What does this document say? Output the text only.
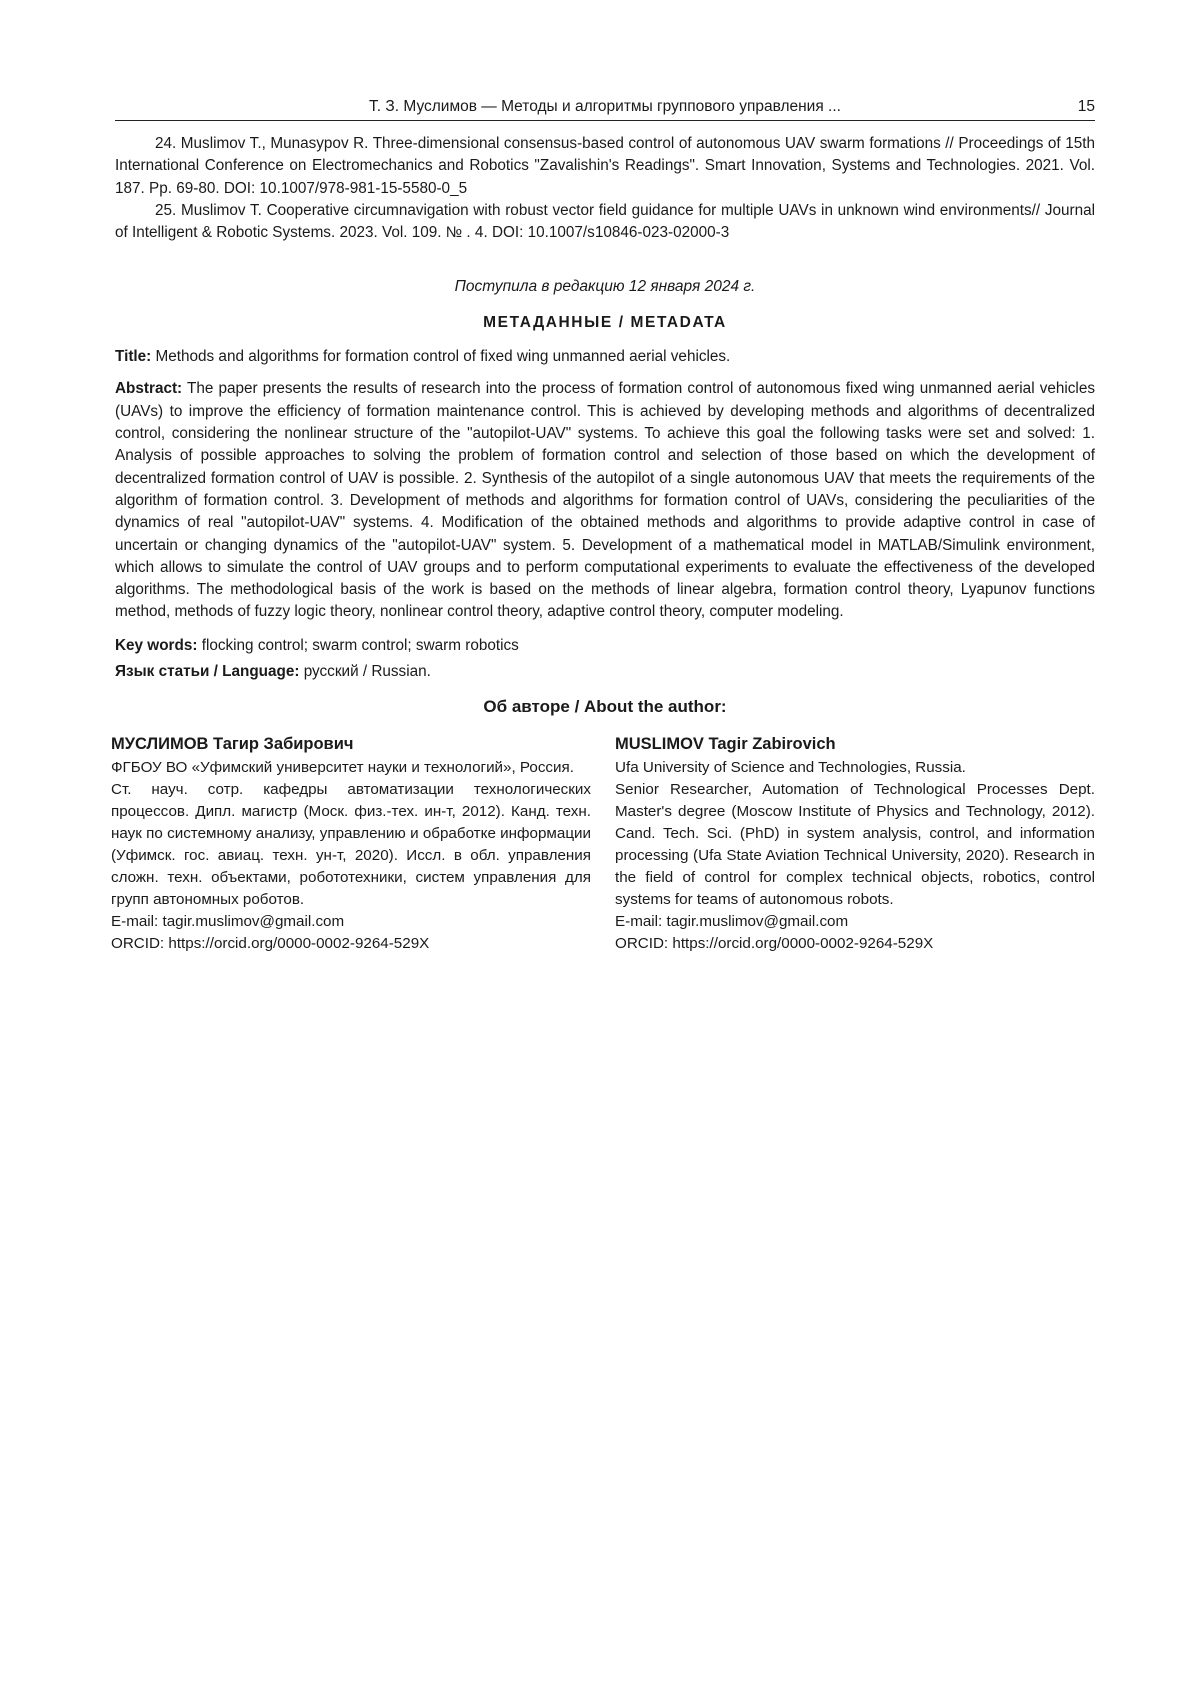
Т. З. Муслимов — Методы и алгоритмы группового управления ...	15

24. Muslimov T., Munasypov R. Three-dimensional consensus-based control of autonomous UAV swarm formations // Proceedings of 15th International Conference on Electromechanics and Robotics "Zavalishin's Readings". Smart Innovation, Systems and Technologies. 2021. Vol. 187. Pp. 69-80. DOI: 10.1007/978-981-15-5580-0_5

25. Muslimov T. Cooperative circumnavigation with robust vector field guidance for multiple UAVs in unknown wind environments// Journal of Intelligent & Robotic Systems. 2023. Vol. 109. № . 4. DOI: 10.1007/s10846-023-02000-3

Поступила в редакцию 12 января 2024 г.
МЕТАДАННЫЕ / METADATA
Title: Methods and algorithms for formation control of fixed wing unmanned aerial vehicles.
Abstract: The paper presents the results of research into the process of formation control of autonomous fixed wing unmanned aerial vehicles (UAVs) to improve the efficiency of formation maintenance control. This is achieved by developing methods and algorithms of decentralized control, considering the nonlinear structure of the "autopilot-UAV" systems. To achieve this goal the following tasks were set and solved: 1. Analysis of possible approaches to solving the problem of formation control and selection of those based on which the development of decentralized formation control of UAV is possible. 2. Synthesis of the autopilot of a single autonomous UAV that meets the requirements of the algorithm of formation control. 3. Development of methods and algorithms for formation control of UAVs, considering the peculiarities of the dynamics of real "autopilot-UAV" systems. 4. Modification of the obtained methods and algorithms to provide adaptive control in case of uncertain or changing dynamics of the "autopilot-UAV" system. 5. Development of a mathematical model in MATLAB/Simulink environment, which allows to simulate the control of UAV groups and to perform computational experiments to evaluate the effectiveness of the developed algorithms. The methodological basis of the work is based on the methods of linear algebra, formation control theory, Lyapunov functions method, methods of fuzzy logic theory, nonlinear control theory, adaptive control theory, computer modeling.
Key words: flocking control; swarm control; swarm robotics
Язык статьи / Language: русский / Russian.
Об авторе / About the author:
МУСЛИМОВ Тагир Забирович
ФГБОУ ВО «Уфимский университет науки и технологий», Россия.
Ст. науч. сотр. кафедры автоматизации технологических процессов. Дипл. магистр (Моск. физ.-тех. ин-т, 2012). Канд. техн. наук по системному анализу, управлению и обработке информации (Уфимск. гос. авиац. техн. ун-т, 2020). Иссл. в обл. управления сложн. техн. объектами, робототехники, систем управления для групп автономных роботов.
E-mail: tagir.muslimov@gmail.com
ORCID: https://orcid.org/0000-0002-9264-529X
MUSLIMOV Tagir Zabirovich
Ufa University of Science and Technologies, Russia.
Senior Researcher, Automation of Technological Processes Dept. Master's degree (Moscow Institute of Physics and Technology, 2012). Cand. Tech. Sci. (PhD) in system analysis, control, and information processing (Ufa State Aviation Technical University, 2020). Research in the field of control for complex technical objects, robotics, control systems for teams of autonomous robots.
E-mail: tagir.muslimov@gmail.com
ORCID: https://orcid.org/0000-0002-9264-529X
